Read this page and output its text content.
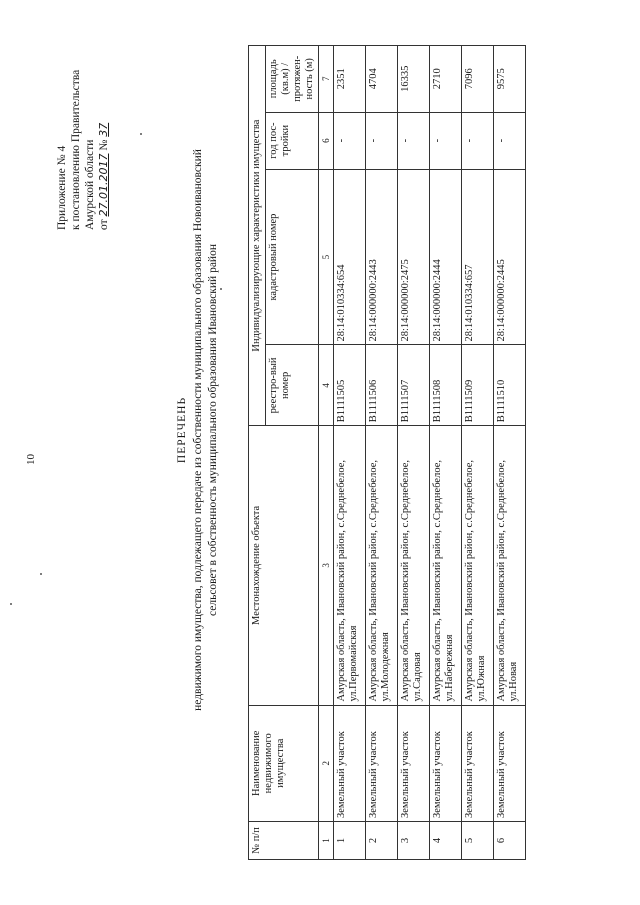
10
Приложение № 4 к постановлению Правительства Амурской области от 27.01.2017 № 37
ПЕРЕЧЕНЬ недвижимого имущества, подлежащего передаче из собственности муниципального образования Новоивановский сельсовет в собственность муниципального образования Ивановский район
№ п/п	Наименование недвижимого имущества	Местонахождение объекта	Индивидуализирующие характеристики имущества			
			реестро-вый номер	кадастровый номер	год пос-тройки	площадь (кв.м) / протяжен-ность (м)
1	2	3	4	5	6	7
1	Земельный участок	Амурская область, Ивановский район, с.Среднебелое, ул.Первомайская	В1111505	28:14:010334:654	-	2351
2	Земельный участок	Амурская область, Ивановский район, с.Среднебелое, ул.Молодежная	В1111506	28:14:000000:2443	-	4704
3	Земельный участок	Амурская область, Ивановский район, с.Среднебелое, ул.Садовая	В1111507	28:14:000000:2475	-	16335
4	Земельный участок	Амурская область, Ивановский район, с.Среднебелое, ул.Набережная	В1111508	28:14:000000:2444	-	2710
5	Земельный участок	Амурская область, Ивановский район, с.Среднебелое, ул.Южная	В1111509	28:14:010334:657	-	7096
6	Земельный участок	Амурская область, Ивановский район, с.Среднебелое, ул.Новая	В1111510	28:14:000000:2445	-	9575
